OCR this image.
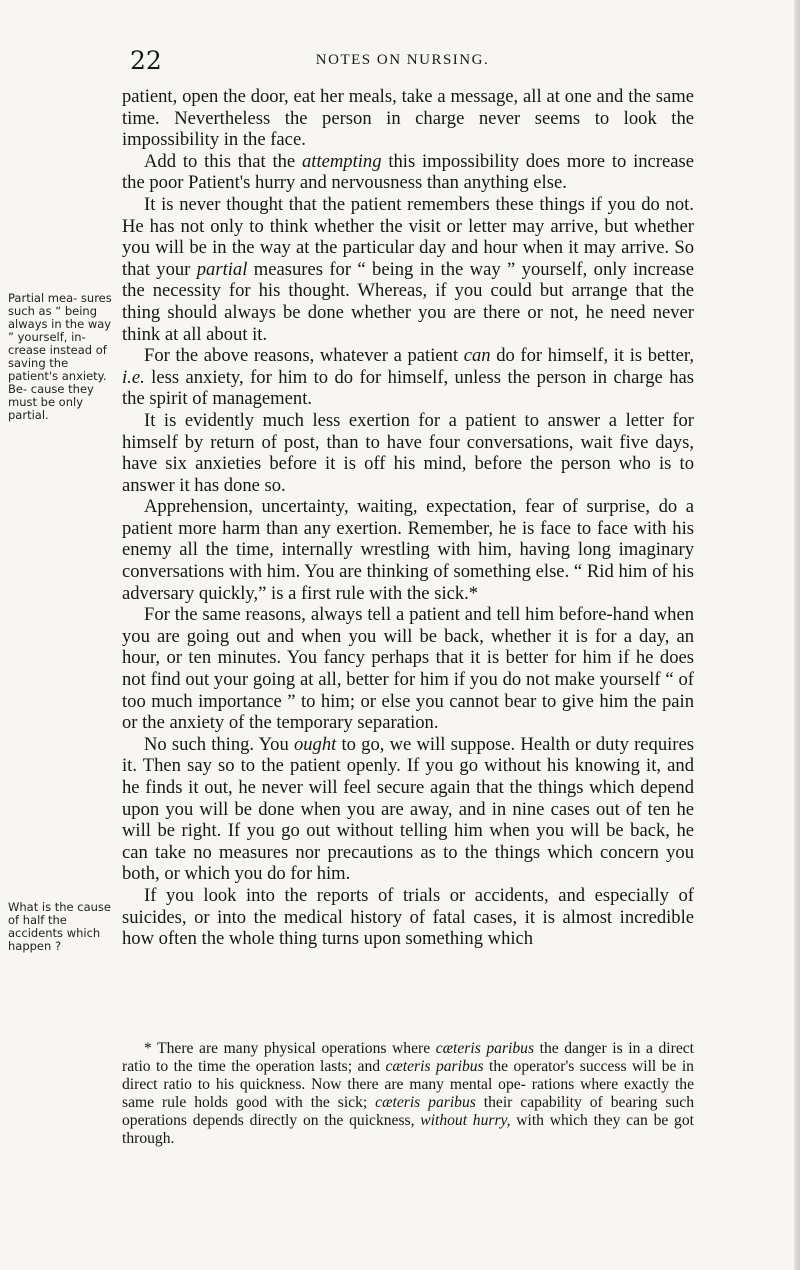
22	NOTES ON NURSING.
Partial mea- sures such as “ being always in the way ” yourself, in- crease instead of saving the patient's anxiety. Be- cause they must be only partial.
What is the cause of half the accidents which happen ?

patient, open the door, eat her meals, take a message, all at one and the same time. Nevertheless the person in charge never seems to look the impossibility in the face.

Add to this that the attempting this impossibility does more to increase the poor Patient's hurry and nervousness than anything else.

It is never thought that the patient remembers these things if you do not. He has not only to think whether the visit or letter may arrive, but whether you will be in the way at the particular day and hour when it may arrive. So that your partial measures for “ being in the way ” yourself, only increase the necessity for his thought. Whereas, if you could but arrange that the thing should always be done whether you are there or not, he need never think at all about it.

For the above reasons, whatever a patient can do for himself, it is better, i.e. less anxiety, for him to do for himself, unless the person in charge has the spirit of management.

It is evidently much less exertion for a patient to answer a letter for himself by return of post, than to have four conversations, wait five days, have six anxieties before it is off his mind, before the person who is to answer it has done so.

Apprehension, uncertainty, waiting, expectation, fear of surprise, do a patient more harm than any exertion. Remember, he is face to face with his enemy all the time, internally wrestling with him, having long imaginary conversations with him. You are thinking of something else. “ Rid him of his adversary quickly,” is a first rule with the sick.*

For the same reasons, always tell a patient and tell him before-hand when you are going out and when you will be back, whether it is for a day, an hour, or ten minutes. You fancy perhaps that it is better for him if he does not find out your going at all, better for him if you do not make yourself “ of too much importance ” to him; or else you cannot bear to give him the pain or the anxiety of the temporary separation.

No such thing. You ought to go, we will suppose. Health or duty requires it. Then say so to the patient openly. If you go without his knowing it, and he finds it out, he never will feel secure again that the things which depend upon you will be done when you are away, and in nine cases out of ten he will be right. If you go out without telling him when you will be back, he can take no measures nor precautions as to the things which concern you both, or which you do for him.

If you look into the reports of trials or accidents, and especially of suicides, or into the medical history of fatal cases, it is almost incredible how often the whole thing turns upon something which

* There are many physical operations where cæteris paribus the danger is in a direct ratio to the time the operation lasts; and cæteris paribus the operator's success will be in direct ratio to his quickness. Now there are many mental ope- rations where exactly the same rule holds good with the sick; cæteris paribus their capability of bearing such operations depends directly on the quickness, without hurry, with which they can be got through.
